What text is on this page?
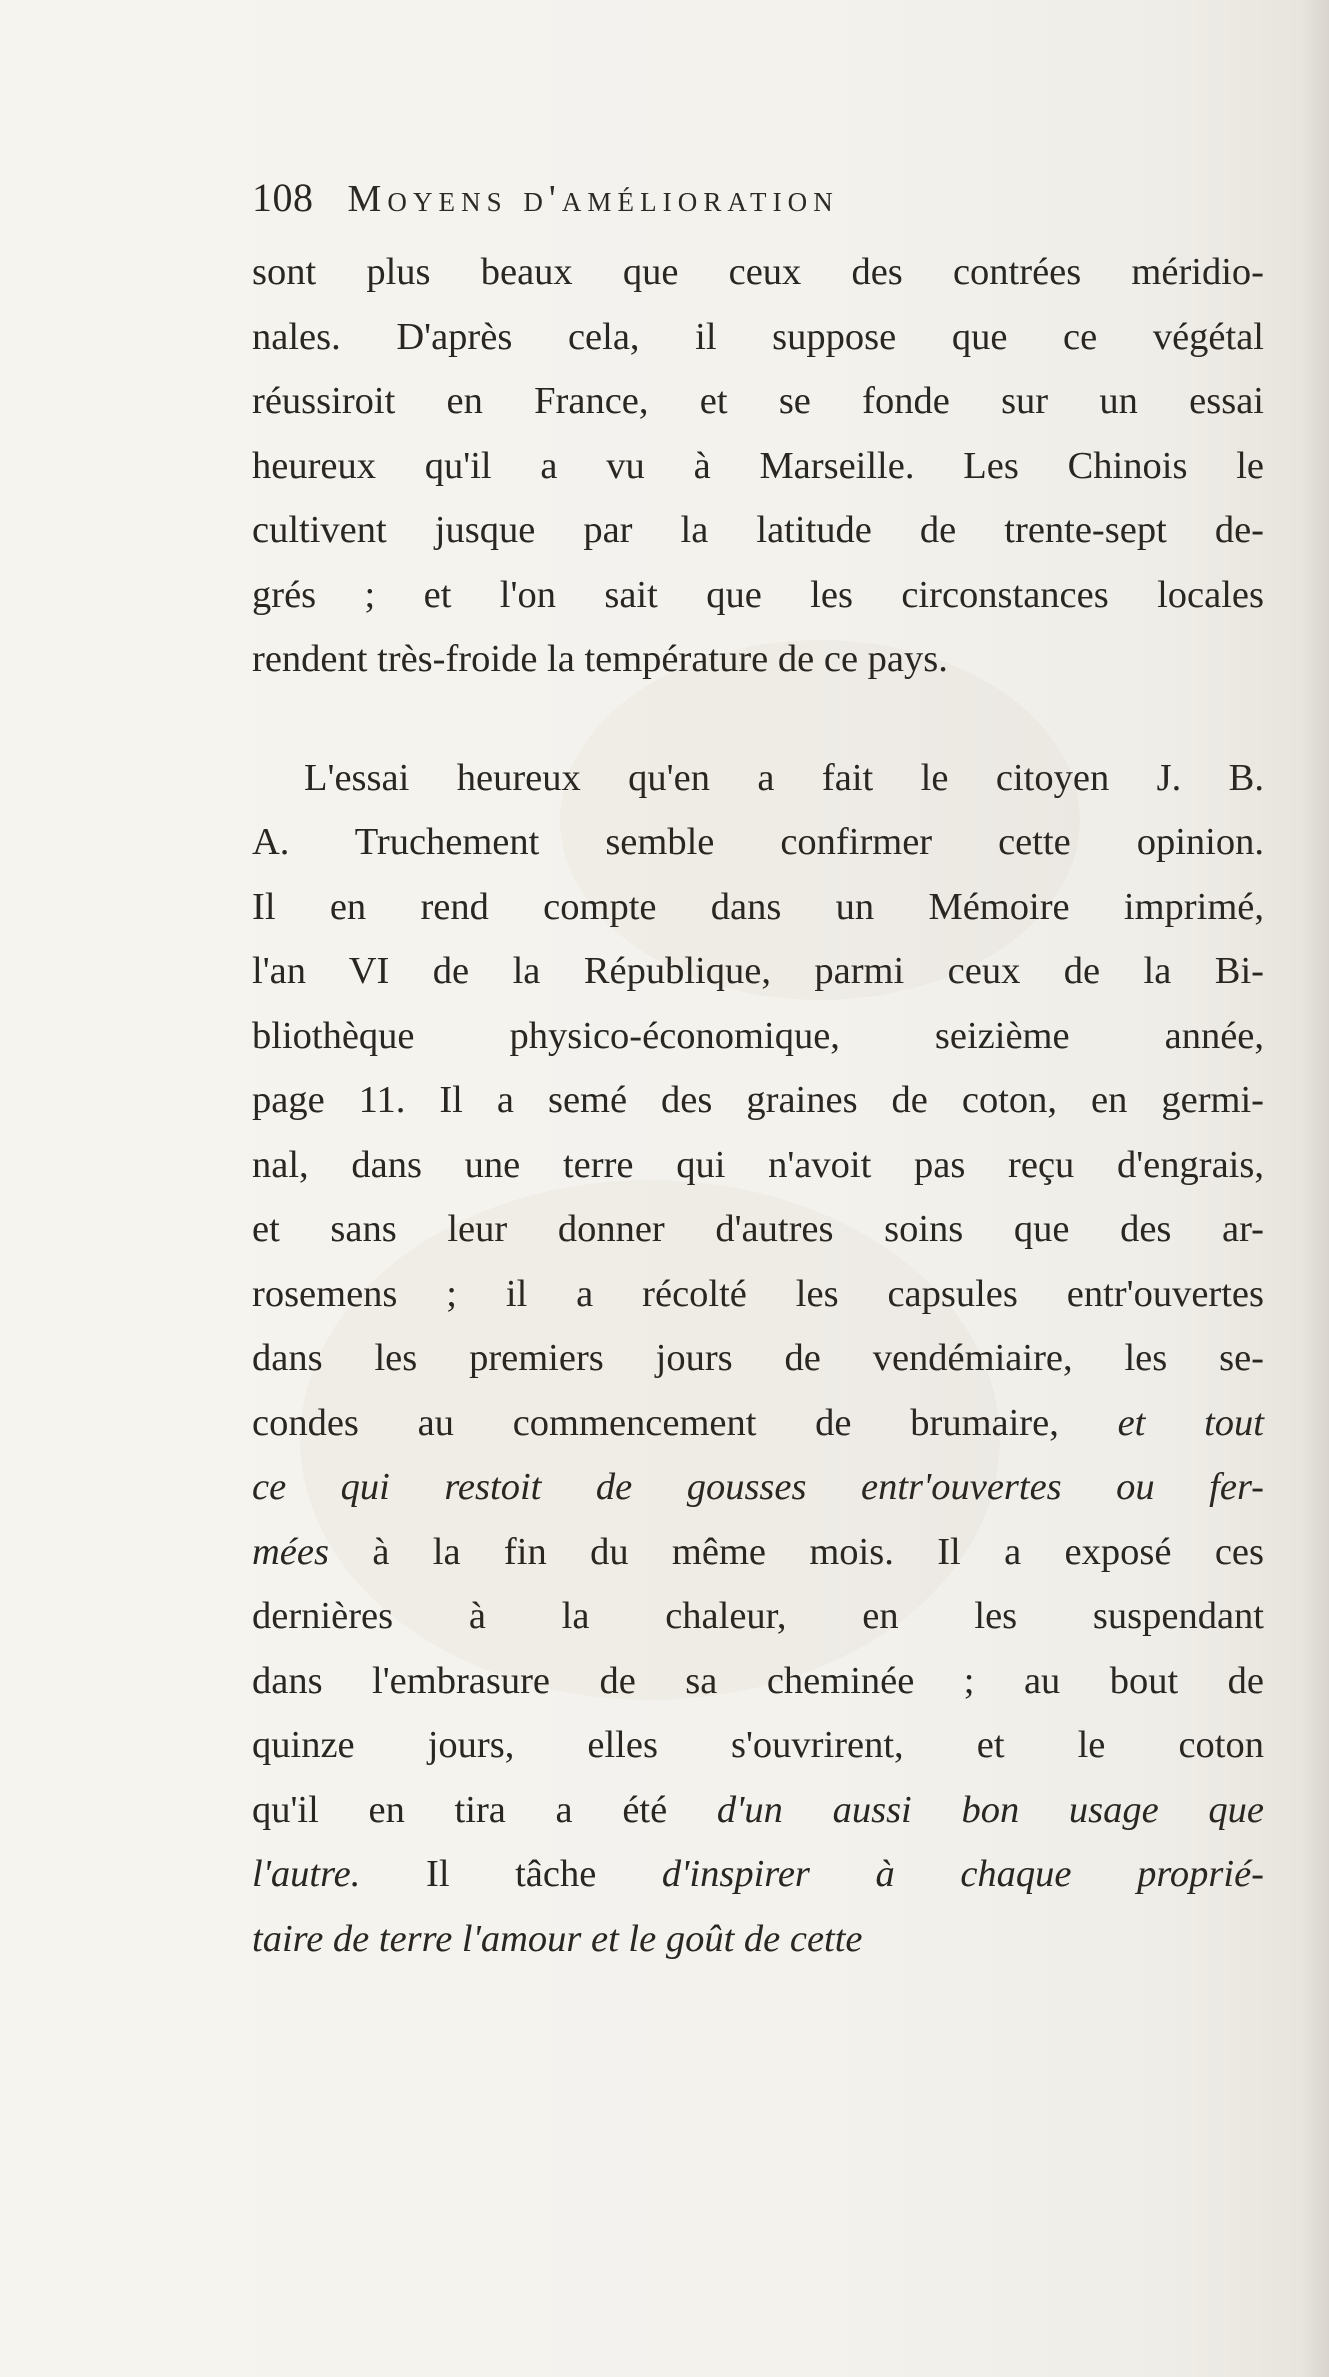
108 Moyens d'amélioration
sont plus beaux que ceux des contrées méridio-
nales. D'après cela, il suppose que ce végétal
réussiroit en France, et se fonde sur un essai
heureux qu'il a vu à Marseille. Les Chinois le
cultivent jusque par la latitude de trente-sept de-
grés ; et l'on sait que les circonstances locales
rendent très-froide la température de ce pays.
L'essai heureux qu'en a fait le citoyen J. B.
A. Truchement semble confirmer cette opinion.
Il en rend compte dans un Mémoire imprimé,
l'an VI de la République, parmi ceux de la Bi-
bliothèque physico-économique, seizième année,
page 11. Il a semé des graines de coton, en germi-
nal, dans une terre qui n'avoit pas reçu d'engrais,
et sans leur donner d'autres soins que des ar-
rosemens ; il a récolté les capsules entr'ouvertes
dans les premiers jours de vendémiaire, les se-
condes au commencement de brumaire, et tout
ce qui restoit de gousses entr'ouvertes ou fer-
mées à la fin du même mois. Il a exposé ces
dernières à la chaleur, en les suspendant
dans l'embrasure de sa cheminée ; au bout de
quinze jours, elles s'ouvrirent, et le coton
qu'il en tira a été d'un aussi bon usage que
l'autre. Il tâche d'inspirer à chaque proprié-
taire de terre l'amour et le goût de cette
